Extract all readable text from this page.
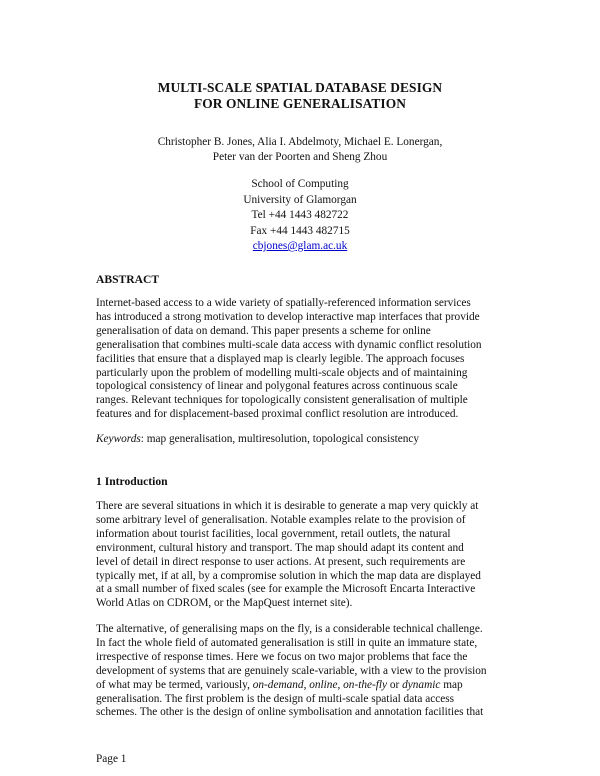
MULTI-SCALE SPATIAL DATABASE DESIGN
FOR ONLINE GENERALISATION
Christopher B. Jones, Alia I. Abdelmoty, Michael E. Lonergan,
Peter van der Poorten and Sheng Zhou
School of Computing
University of Glamorgan
Tel +44 1443 482722
Fax +44 1443 482715
cbjones@glam.ac.uk
ABSTRACT
Internet-based access to a wide variety of spatially-referenced information services
has introduced a strong motivation to develop interactive map interfaces that provide
generalisation of data on demand. This paper presents a scheme for online
generalisation that combines multi-scale data access with dynamic conflict resolution
facilities that ensure that a displayed map is clearly legible. The approach focuses
particularly upon the problem of modelling multi-scale objects and of maintaining
topological consistency of linear and polygonal features across continuous scale
ranges. Relevant techniques for topologically consistent generalisation of multiple
features and for displacement-based proximal conflict resolution are introduced.
Keywords: map generalisation, multiresolution, topological consistency
1 Introduction
There are several situations in which it is desirable to generate a map very quickly at
some arbitrary level of generalisation. Notable examples relate to the provision of
information about tourist facilities, local government, retail outlets, the natural
environment, cultural history and transport. The map should adapt its content and
level of detail in direct response to user actions. At present, such requirements are
typically met, if at all, by a compromise solution in which the map data are displayed
at a small number of fixed scales (see for example the Microsoft Encarta Interactive
World Atlas on CDROM, or the MapQuest internet site).
The alternative, of generalising maps on the fly, is a considerable technical challenge.
In fact the whole field of automated generalisation is still in quite an immature state,
irrespective of response times. Here we focus on two major problems that face the
development of systems that are genuinely scale-variable, with a view to the provision
of what may be termed, variously, on-demand, online, on-the-fly or dynamic map
generalisation. The first problem is the design of multi-scale spatial data access
schemes. The other is the design of online symbolisation and annotation facilities that
Page 1
